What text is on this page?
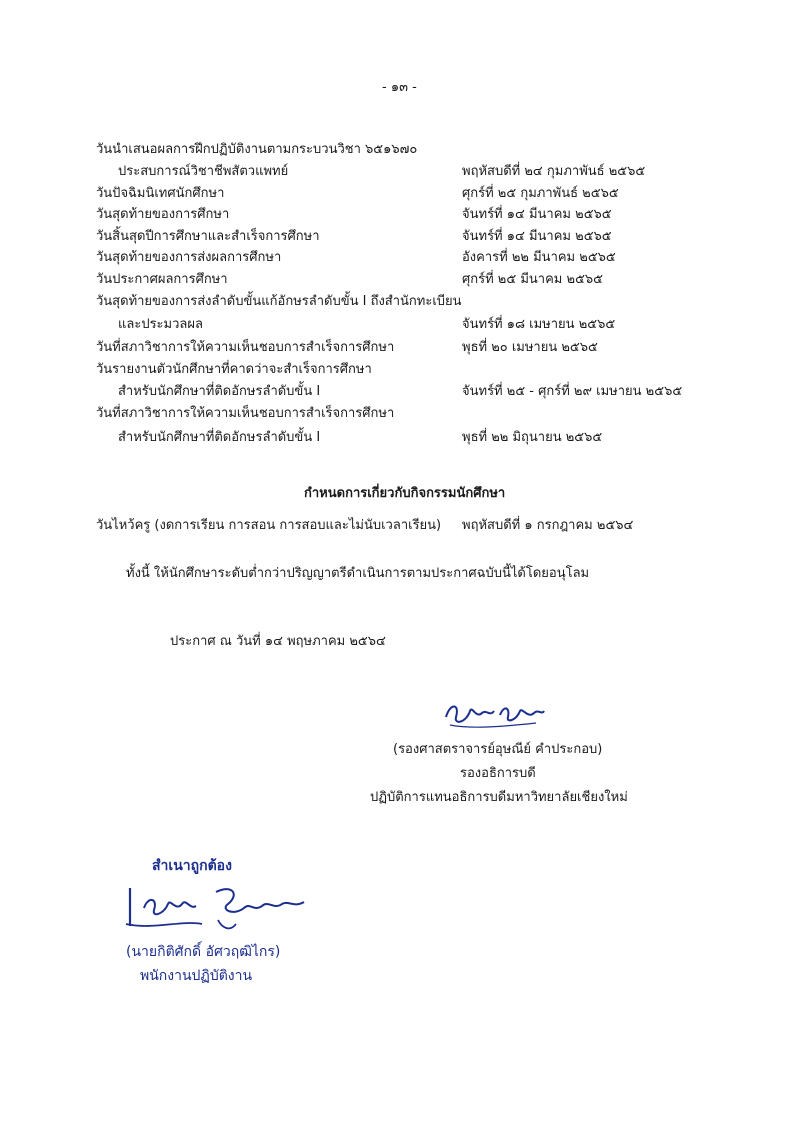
- ๑๓ -
วันนำเสนอผลการฝึกปฏิบัติงานตามกระบวนวิชา ๖๕๑๖๗๐
ประสบการณ์วิชาชีพสัตวแพทย์	พฤหัสบดีที่ ๒๔ กุมภาพันธ์ ๒๕๖๕
วันปัจฉิมนิเทศนักศึกษา	ศุกร์ที่ ๒๕ กุมภาพันธ์ ๒๕๖๕
วันสุดท้ายของการศึกษา	จันทร์ที่ ๑๔ มีนาคม ๒๕๖๕
วันสิ้นสุดปีการศึกษาและสำเร็จการศึกษา	จันทร์ที่ ๑๔ มีนาคม ๒๕๖๕
วันสุดท้ายของการส่งผลการศึกษา	อังคารที่ ๒๒ มีนาคม ๒๕๖๕
วันประกาศผลการศึกษา	ศุกร์ที่ ๒๕ มีนาคม ๒๕๖๕
วันสุดท้ายของการส่งลำดับขั้นแก้อักษรลำดับขั้น I ถึงสำนักทะเบียน
และประมวลผล	จันทร์ที่ ๑๘ เมษายน ๒๕๖๕
วันที่สภาวิชาการให้ความเห็นชอบการสำเร็จการศึกษา	พุธที่ ๒๐ เมษายน ๒๕๖๕
วันรายงานตัวนักศึกษาที่คาดว่าจะสำเร็จการศึกษา
สำหรับนักศึกษาที่ติดอักษรลำดับขั้น I	จันทร์ที่ ๒๕ - ศุกร์ที่ ๒๙ เมษายน ๒๕๖๕
วันที่สภาวิชาการให้ความเห็นชอบการสำเร็จการศึกษา
สำหรับนักศึกษาที่ติดอักษรลำดับขั้น I	พุธที่ ๒๒ มิถุนายน ๒๕๖๕
กำหนดการเกี่ยวกับกิจกรรมนักศึกษา
วันไหว้ครู (งดการเรียน การสอน การสอบและไม่นับเวลาเรียน) พฤหัสบดีที่ ๑ กรกฎาคม ๒๕๖๔
ทั้งนี้ ให้นักศึกษาระดับต่ำกว่าปริญญาตรีดำเนินการตามประกาศฉบับนี้ได้โดยอนุโลม
ประกาศ ณ วันที่ ๑๔ พฤษภาคม ๒๕๖๔
(รองศาสตราจารย์อุษณีย์ คำประกอบ)
รองอธิการบดี
ปฏิบัติการแทนอธิการบดีมหาวิทยาลัยเชียงใหม่
สำเนาถูกต้อง
(นายกิติศักดิ์ อัศวฤฒิไกร)
พนักงานปฏิบัติงาน
